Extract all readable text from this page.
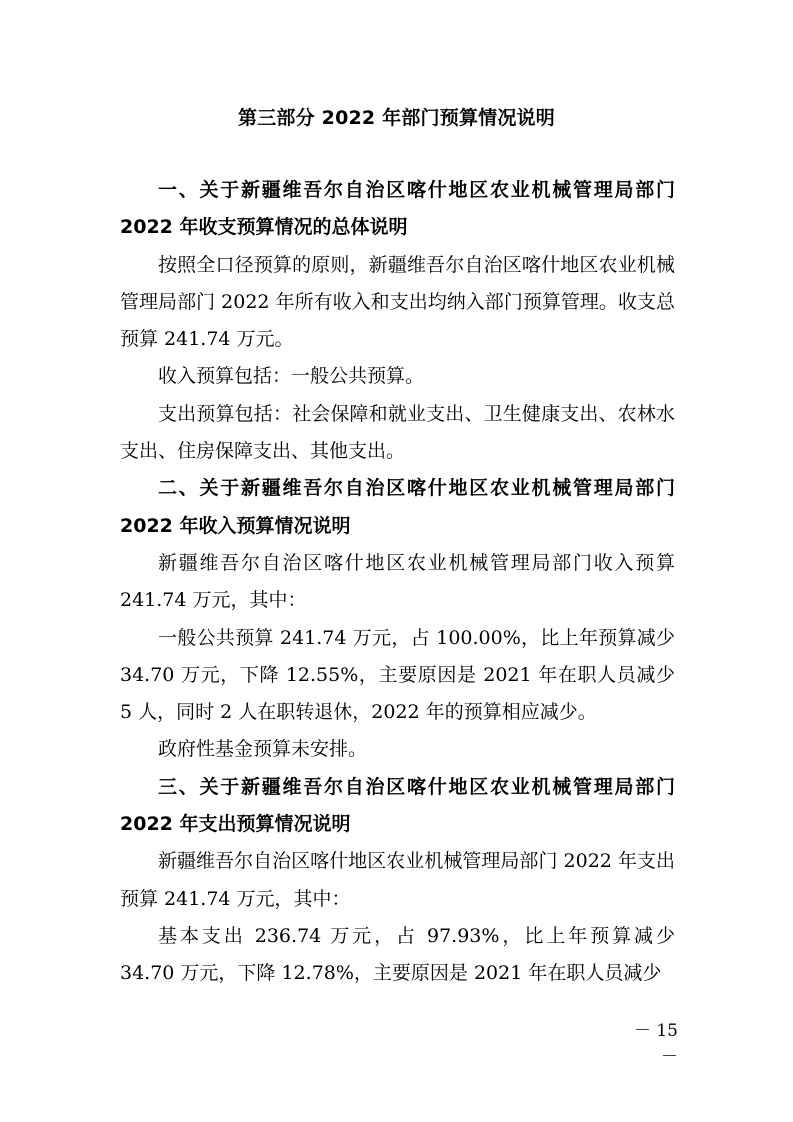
第三部分 2022 年部门预算情况说明

一、关于新疆维吾尔自治区喀什地区农业机械管理局部门 2022 年收支预算情况的总体说明

按照全口径预算的原则，新疆维吾尔自治区喀什地区农业机械管理局部门 2022 年所有收入和支出均纳入部门预算管理。收支总预算 241.74 万元。

收入预算包括：一般公共预算。

支出预算包括：社会保障和就业支出、卫生健康支出、农林水支出、住房保障支出、其他支出。

二、关于新疆维吾尔自治区喀什地区农业机械管理局部门 2022 年收入预算情况说明

新疆维吾尔自治区喀什地区农业机械管理局部门收入预算 241.74 万元，其中：

一般公共预算 241.74 万元，占 100.00%，比上年预算减少 34.70 万元，下降 12.55%，主要原因是 2021 年在职人员减少 5 人，同时 2 人在职转退休，2022 年的预算相应减少。

政府性基金预算未安排。

三、关于新疆维吾尔自治区喀什地区农业机械管理局部门 2022 年支出预算情况说明

新疆维吾尔自治区喀什地区农业机械管理局部门 2022 年支出预算 241.74 万元，其中：

基本支出 236.74 万元，占 97.93%，比上年预算减少 34.70 万元，下降 12.78%，主要原因是 2021 年在职人员减少

－ 15 －
